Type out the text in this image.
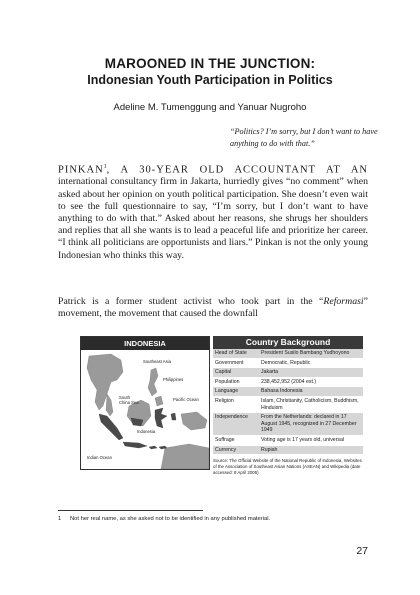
MAROONED IN THE JUNCTION:
Indonesian Youth Participation in Politics
Adeline M. Tumenggung and Yanuar Nugroho
“Politics? I’m sorry, but I don’t want to have anything to do with that.”
PINKAN$^1$, A 30-YEAR OLD ACCOUNTANT AT AN international consultancy firm in Jakarta, hurriedly gives “no comment” when asked about her opinion on youth political participation. She doesn’t even wait to see the full questionnaire to say, “I’m sorry, but I don’t want to have anything to do with that.” Asked about her reasons, she shrugs her shoulders and replies that all she wants is to lead a peaceful life and prioritize her career. “I think all politicians are opportunists and liars.” Pinkan is not the only young Indonesian who thinks this way.
Patrick is a former student activist who took part in the “Reformasi” movement, the movement that caused the downfall
INDONESIA
Southeast Asia
Philippines
South China Sea
Pacific Ocean
Indonesia
Indian Ocean
Country Background
Head of State	President Susilo Bambang Yudhoyono
Government	Democratic, Republic
Capital	Jakarta
Population	238,452,952 (2004 est.)
Language	Bahasa Indonesia
Religion	Islam, Christianity, Catholicism, Buddhism, Hinduism
Independence	From the Netherlands: declared in 17 August 1945, recognized in 27 December 1949
Suffrage	Voting age is 17 years old, universal
Currency	Rupiah
Source: The Official Website of the National Republic of Indonesia, Websites of the Association of Southeast Asian Nations (ASEAN) and Wikipedia (date accessed: 8 April 2005)
1 Not her real name, as she asked not to be identified in any published material.
27
